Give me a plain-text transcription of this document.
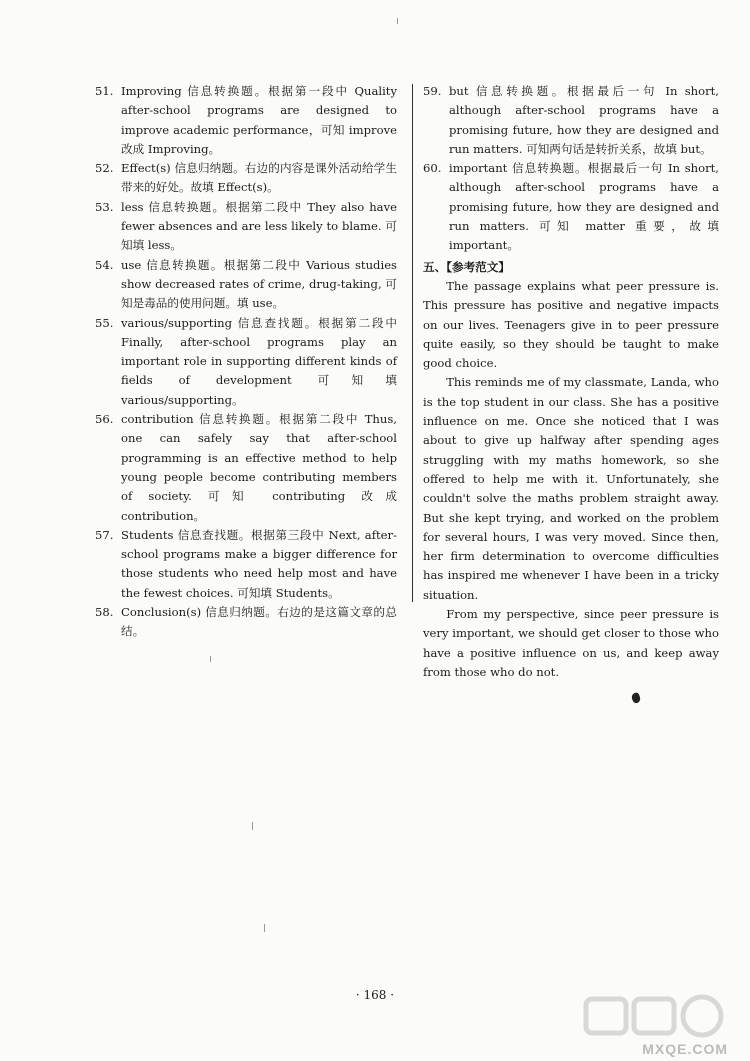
51. Improving 信息转换题。根据第一段中 Quality after-school programs are designed to improve academic performance，可知 improve 改成 Improving。
52. Effect(s) 信息归纳题。右边的内容是课外活动给学生带来的好处。故填 Effect(s)。
53. less 信息转换题。根据第二段中 They also have fewer absences and are less likely to blame. 可知填 less。
54. use 信息转换题。根据第二段中 Various studies show decreased rates of crime, drug-taking, 可知是毒品的使用问题。填 use。
55. various/supporting 信息查找题。根据第二段中 Finally, after-school programs play an important role in supporting different kinds of fields of development 可知填 various/supporting。
56. contribution 信息转换题。根据第二段中 Thus, one can safely say that after-school programming is an effective method to help young people become contributing members of society. 可知 contributing 改成 contribution。
57. Students 信息查找题。根据第三段中 Next, after-school programs make a bigger difference for those students who need help most and have the fewest choices. 可知填 Students。
58. Conclusion(s) 信息归纳题。右边的是这篇文章的总结。
59. but 信息转换题。根据最后一句 In short, although after-school programs have a promising future, how they are designed and run matters. 可知两句话是转折关系，故填 but。
60. important 信息转换题。根据最后一句 In short, although after-school programs have a promising future, how they are designed and run matters. 可知 matter 重要，故填 important。
五、【参考范文】
The passage explains what peer pressure is. This pressure has positive and negative impacts on our lives. Teenagers give in to peer pressure quite easily, so they should be taught to make good choice.
This reminds me of my classmate, Landa, who is the top student in our class. She has a positive influence on me. Once she noticed that I was about to give up halfway after spending ages struggling with my maths homework, so she offered to help me with it. Unfortunately, she couldn't solve the maths problem straight away. But she kept trying, and worked on the problem for several hours, I was very moved. Since then, her firm determination to overcome difficulties has inspired me whenever I have been in a tricky situation.
From my perspective, since peer pressure is very important, we should get closer to those who have a positive influence on us, and keep away from those who do not.
· 168 ·
MXQE.COM
